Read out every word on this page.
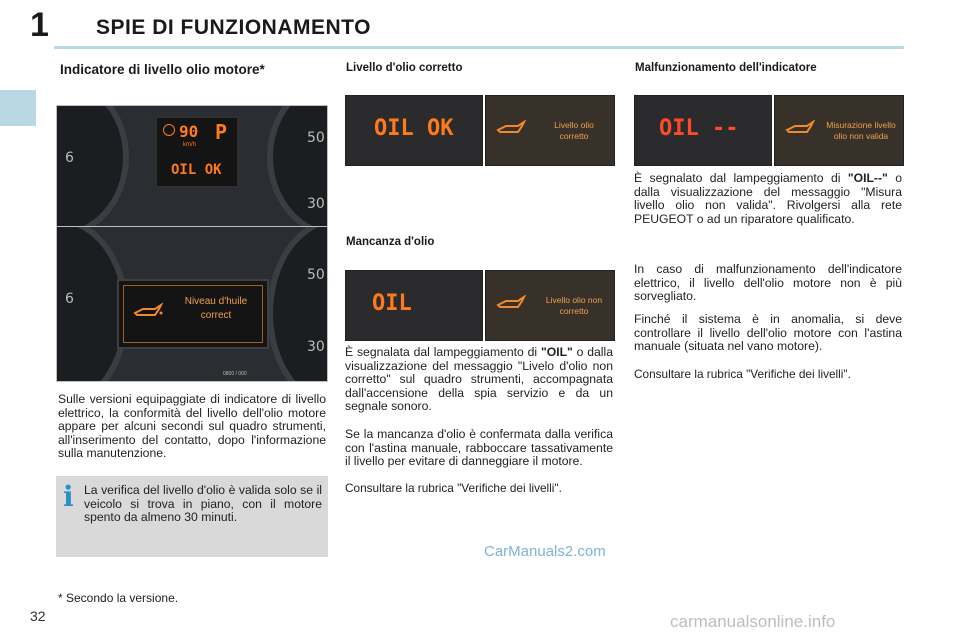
1 SPIE DI FUNZIONAMENTO
Indicatore di livello olio motore*
6
50
30
90
km/h
P
OIL OK
6
50
30
Niveau d'huile
correct
0800 / 000
Sulle versioni equipaggiate di indicatore di livello elettrico, la conformità del livello dell'olio motore appare per alcuni secondi sul quadro strumenti, all'inserimento del contatto, dopo l'informazione sulla manutenzione.
i La verifica del livello d'olio è valida solo se il veicolo si trova in piano, con il motore spento da almeno 30 minuti.
* Secondo la versione.
32
Livello d'olio corretto
OIL OK	Livello olio
corretto
Mancanza d'olio
OIL	Livello olio non
corretto
È segnalata dal lampeggiamento di "OIL" o dalla visualizzazione del messaggio "Livelo d'olio non corretto" sul quadro strumenti, accompagnata dall'accensione della spia servizio e da un segnale sonoro.
Se la mancanza d'olio è confermata dalla verifica con l'astina manuale, rabboccare tassativamente il livello per evitare di danneggiare il motore.
Consultare la rubrica "Verifiche dei livelli".
CarManuals2.com
Malfunzionamento dell'indicatore
OIL --	Misurazione livello
olio non valida
È segnalato dal lampeggiamento di "OIL--" o dalla visualizzazione del messaggio "Misura livello olio non valida". Rivolgersi alla rete PEUGEOT o ad un riparatore qualificato.
In caso di malfunzionamento dell'indicatore elettrico, il livello dell'olio motore non è più sorvegliato.
Finché il sistema è in anomalia, si deve controllare il livello dell'olio motore con l'astina manuale (situata nel vano motore).
Consultare la rubrica "Verifiche dei livelli".
carmanualsonline.info
